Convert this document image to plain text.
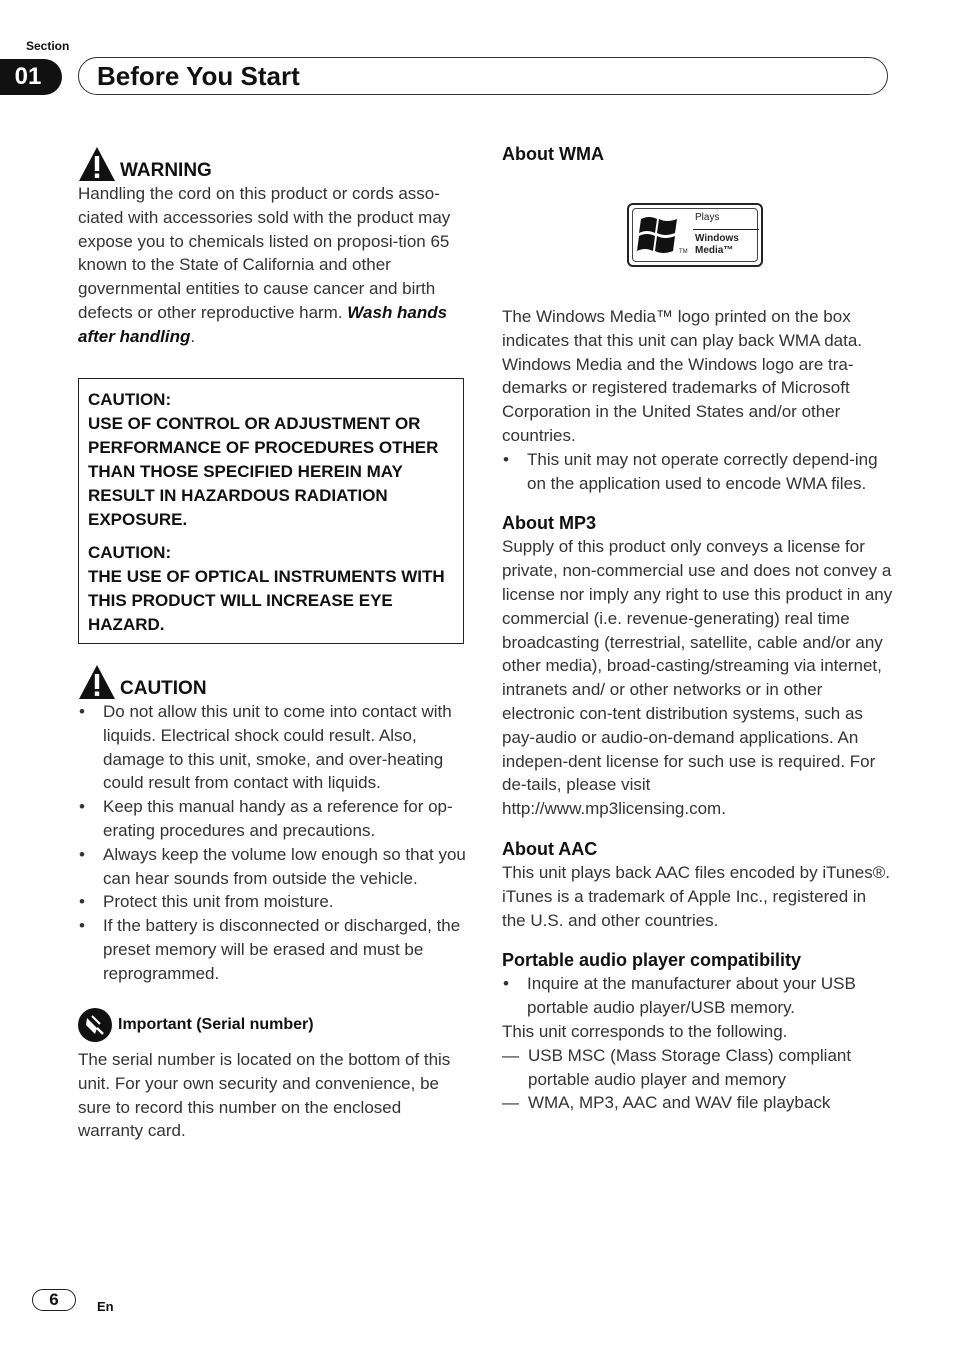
Section
01	Before You Start
WARNING

Handling the cord on this product or cords asso-ciated with accessories sold with the product may expose you to chemicals listed on proposi-tion 65 known to the State of California and other governmental entities to cause cancer and birth defects or other reproductive harm. Wash hands after handling.

CAUTION:

USE OF CONTROL OR ADJUSTMENT OR PERFORMANCE OF PROCEDURES OTHER THAN THOSE SPECIFIED HEREIN MAY RESULT IN HAZARDOUS RADIATION EXPOSURE.

CAUTION:

THE USE OF OPTICAL INSTRUMENTS WITH THIS PRODUCT WILL INCREASE EYE HAZARD.

CAUTION
• Do not allow this unit to come into contact with liquids. Electrical shock could result. Also, damage to this unit, smoke, and over-heating could result from contact with liquids.
• Keep this manual handy as a reference for op-erating procedures and precautions.
• Always keep the volume low enough so that you can hear sounds from outside the vehicle.
• Protect this unit from moisture.
• If the battery is disconnected or discharged, the preset memory will be erased and must be reprogrammed.
Important (Serial number)

The serial number is located on the bottom of this unit. For your own security and convenience, be sure to record this number on the enclosed warranty card.

About WMA
TM
Plays
Windows
Media™

The Windows Media™ logo printed on the box indicates that this unit can play back WMA data.

Windows Media and the Windows logo are tra-demarks or registered trademarks of Microsoft Corporation in the United States and/or other countries.

• This unit may not operate correctly depend-ing on the application used to encode WMA files.
About MP3

Supply of this product only conveys a license for private, non-commercial use and does not convey a license nor imply any right to use this product in any commercial (i.e. revenue-generating) real time broadcasting (terrestrial, satellite, cable and/or any other media), broad-casting/streaming via internet, intranets and/ or other networks or in other electronic con-tent distribution systems, such as pay-audio or audio-on-demand applications. An indepen-dent license for such use is required. For de-tails, please visit

http://www.mp3licensing.com.

About AAC

This unit plays back AAC files encoded by iTunes®.

iTunes is a trademark of Apple Inc., registered in the U.S. and other countries.

Portable audio player compatibility
• Inquire at the manufacturer about your USB portable audio player/USB memory.

This unit corresponds to the following.

— USB MSC (Mass Storage Class) compliant portable audio player and memory
— WMA, MP3, AAC and WAV file playback
6	En
